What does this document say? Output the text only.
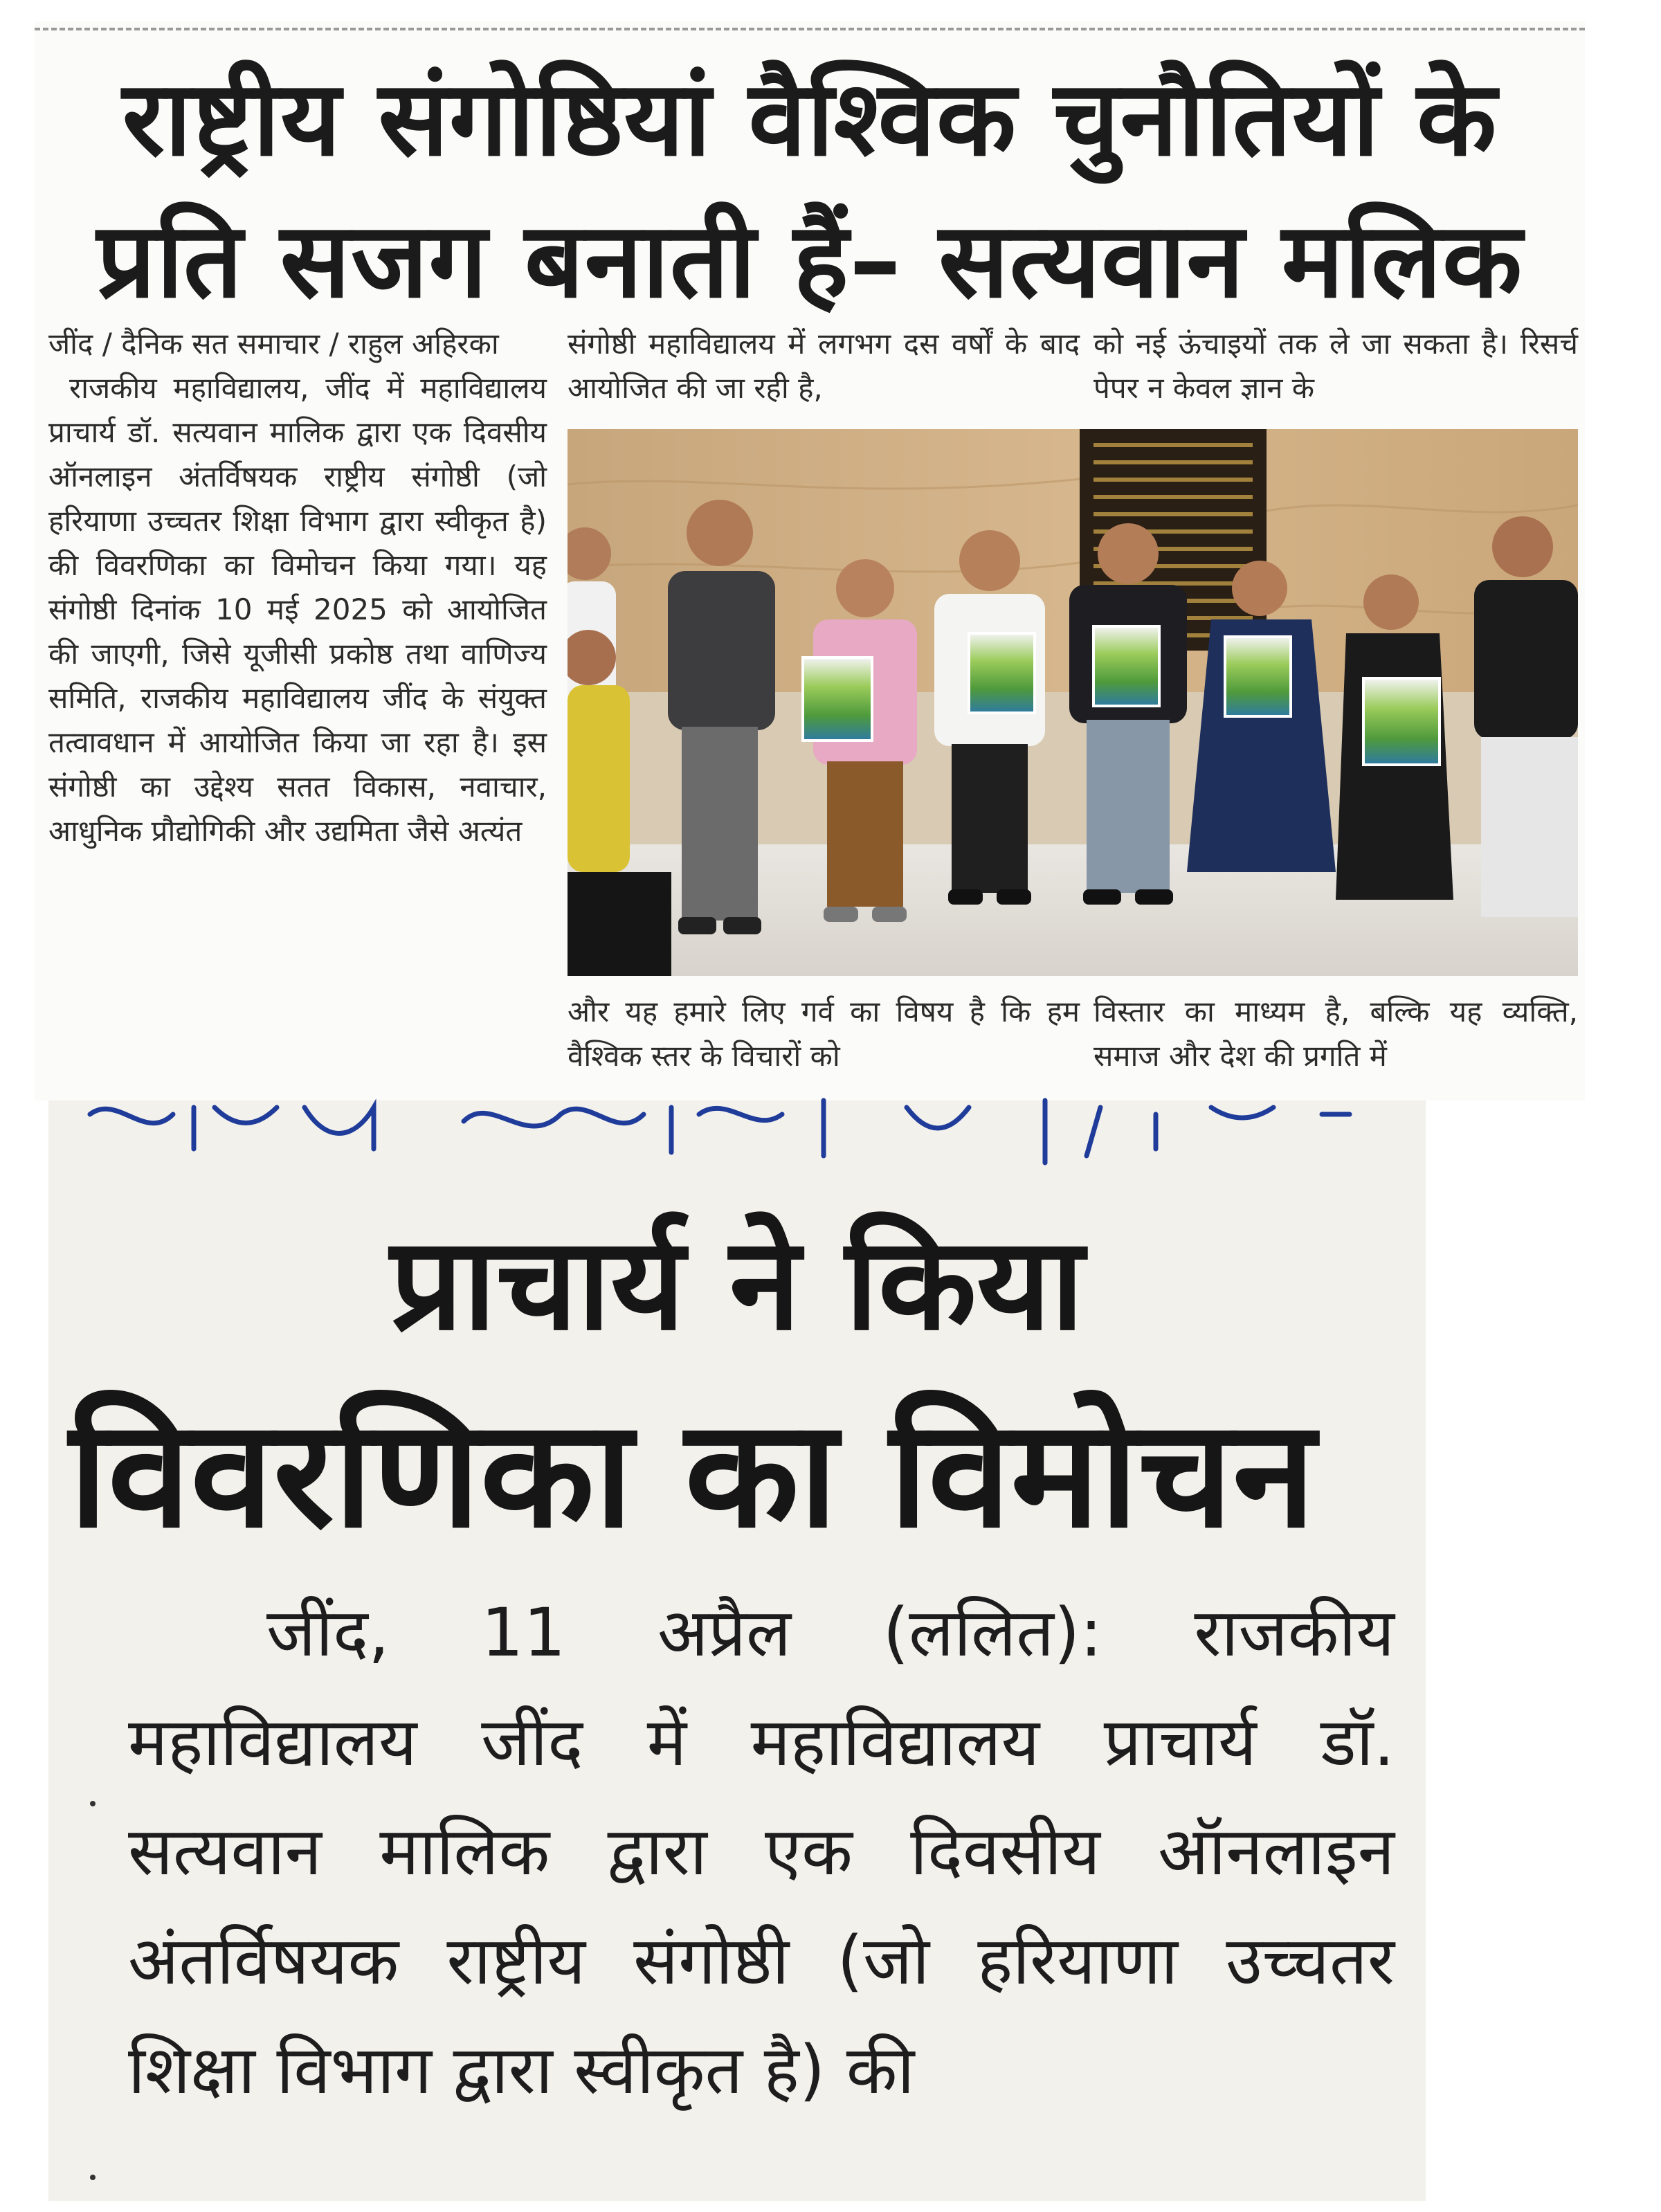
राष्ट्रीय संगोष्ठियां वैश्विक चुनौतियों के
प्रति सजग बनाती हैं– सत्यवान मलिक

जींद / दैनिक सत समाचार / राहुल अहिरका

राजकीय महाविद्यालय, जींद में महाविद्यालय प्राचार्य डॉ. सत्यवान मालिक द्वारा एक दिवसीय ऑनलाइन अंतर्विषयक राष्ट्रीय संगोष्ठी (जो हरियाणा उच्चतर शिक्षा विभाग द्वारा स्वीकृत है) की विवरणिका का विमोचन किया गया। यह संगोष्ठी दिनांक 10 मई 2025 को आयोजित की जाएगी, जिसे यूजीसी प्रकोष्ठ तथा वाणिज्य समिति, राजकीय महाविद्यालय जींद के संयुक्त तत्वावधान में आयोजित किया जा रहा है। इस संगोष्ठी का उद्देश्य सतत विकास, नवाचार, आधुनिक प्रौद्योगिकी और उद्यमिता जैसे अत्यंत

संगोष्ठी महाविद्यालय में लगभग दस वर्षों के बाद आयोजित की जा रही है,

को नई ऊंचाइयों तक ले जा सकता है। रिसर्च पेपर न केवल ज्ञान के

और यह हमारे लिए गर्व का विषय है कि हम वैश्विक स्तर के विचारों को

विस्तार का माध्यम है, बल्कि यह व्यक्ति, समाज और देश की प्रगति में

प्राचार्य ने किया
विवरणिका का विमोचन

जींद, 11 अप्रैल (ललित): राजकीय महाविद्यालय जींद में महाविद्यालय प्राचार्य डॉ. सत्यवान मालिक द्वारा एक दिवसीय ऑनलाइन अंतर्विषयक राष्ट्रीय संगोष्ठी (जो हरियाणा उच्चतर शिक्षा विभाग द्वारा स्वीकृत है) की
